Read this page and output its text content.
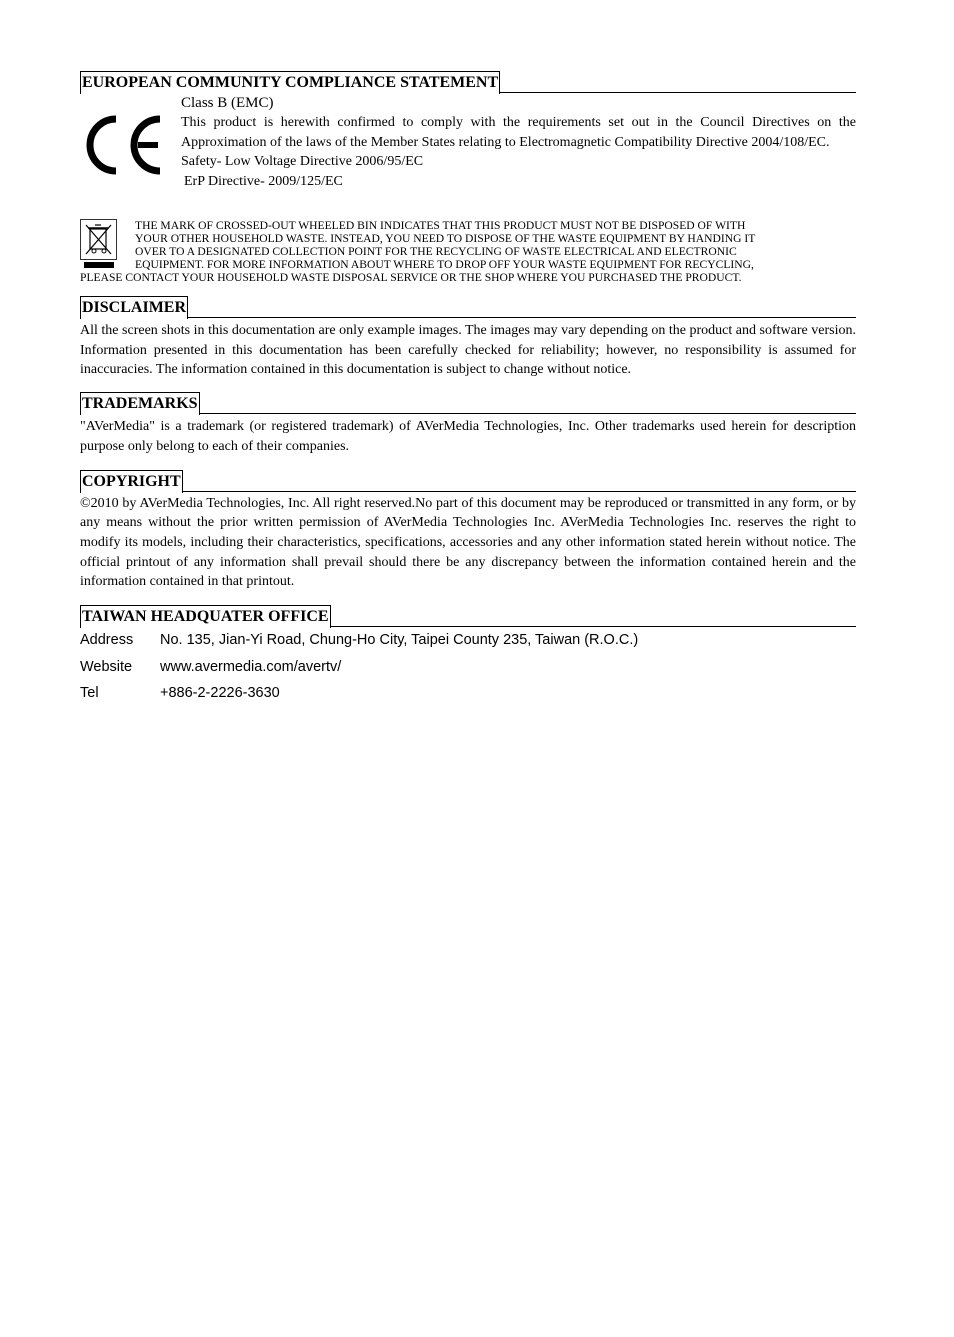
EUROPEAN COMMUNITY COMPLIANCE STATEMENT

Class B (EMC)

This product is herewith confirmed to comply with the requirements set out in the Council Directives on the Approximation of the laws of the Member States relating to Electromagnetic Compatibility Directive 2004/108/EC.

Safety- Low Voltage Directive 2006/95/EC

ErP Directive- 2009/125/EC

THE MARK OF CROSSED-OUT WHEELED BIN INDICATES THAT THIS PRODUCT MUST NOT BE DISPOSED OF WITH

YOUR OTHER HOUSEHOLD WASTE. INSTEAD, YOU NEED TO DISPOSE OF THE WASTE EQUIPMENT BY HANDING IT

OVER TO A DESIGNATED COLLECTION POINT FOR THE RECYCLING OF WASTE ELECTRICAL AND ELECTRONIC

EQUIPMENT. FOR MORE INFORMATION ABOUT WHERE TO DROP OFF YOUR WASTE EQUIPMENT FOR RECYCLING,

PLEASE CONTACT YOUR HOUSEHOLD WASTE DISPOSAL SERVICE OR THE SHOP WHERE YOU PURCHASED THE PRODUCT.

DISCLAIMER

All the screen shots in this documentation are only example images. The images may vary depending on the product and software version. Information presented in this documentation has been carefully checked for reliability; however, no responsibility is assumed for inaccuracies. The information contained in this documentation is subject to change without notice.

TRADEMARKS

"AVerMedia" is a trademark (or registered trademark) of AVerMedia Technologies, Inc. Other trademarks used herein for description purpose only belong to each of their companies.

COPYRIGHT

©2010 by AVerMedia Technologies, Inc. All right reserved.No part of this document may be reproduced or transmitted in any form, or by any means without the prior written permission of AVerMedia Technologies Inc. AVerMedia Technologies Inc. reserves the right to modify its models, including their characteristics, specifications, accessories and any other information stated herein without notice. The official printout of any information shall prevail should there be any discrepancy between the information contained herein and the information contained in that printout.

TAIWAN HEADQUATER OFFICE
Address	No. 135, Jian-Yi Road, Chung-Ho City, Taipei County 235, Taiwan (R.O.C.)
Website	www.avermedia.com/avertv/
Tel	+886-2-2226-3630
